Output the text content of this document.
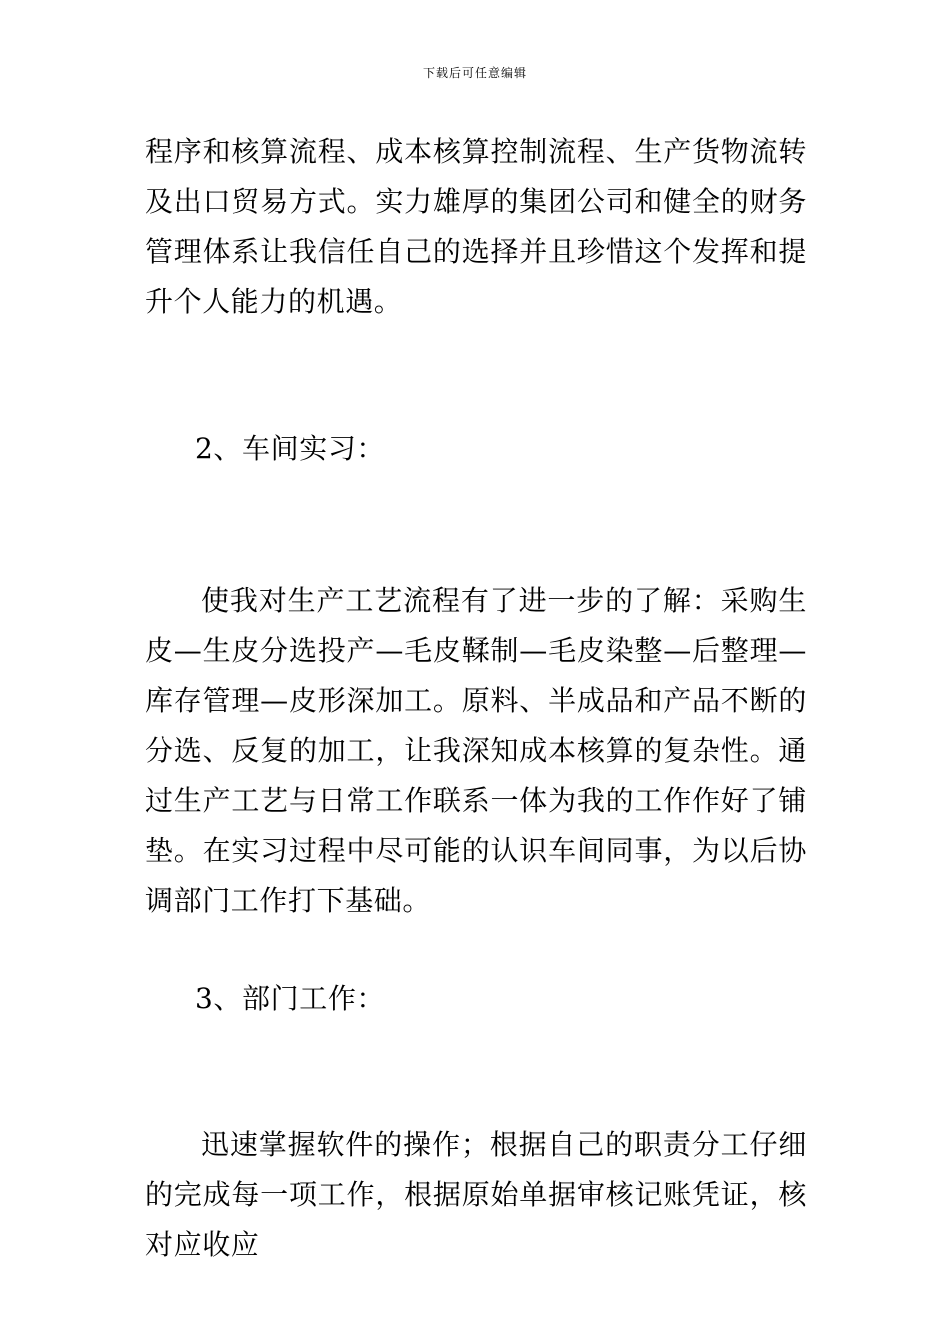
下载后可任意编辑

程序和核算流程、成本核算控制流程、生产货物流转及出口贸易方式。实力雄厚的集团公司和健全的财务管理体系让我信任自己的选择并且珍惜这个发挥和提升个人能力的机遇。

2、车间实习：

使我对生产工艺流程有了进一步的了解：采购生皮—生皮分选投产—毛皮鞣制—毛皮染整—后整理—库存管理—皮形深加工。原料、半成品和产品不断的分选、反复的加工，让我深知成本核算的复杂性。通过生产工艺与日常工作联系一体为我的工作作好了铺垫。在实习过程中尽可能的认识车间同事，为以后协调部门工作打下基础。

3、部门工作：

迅速掌握软件的操作；根据自己的职责分工仔细的完成每一项工作，根据原始单据审核记账凭证，核对应收应
